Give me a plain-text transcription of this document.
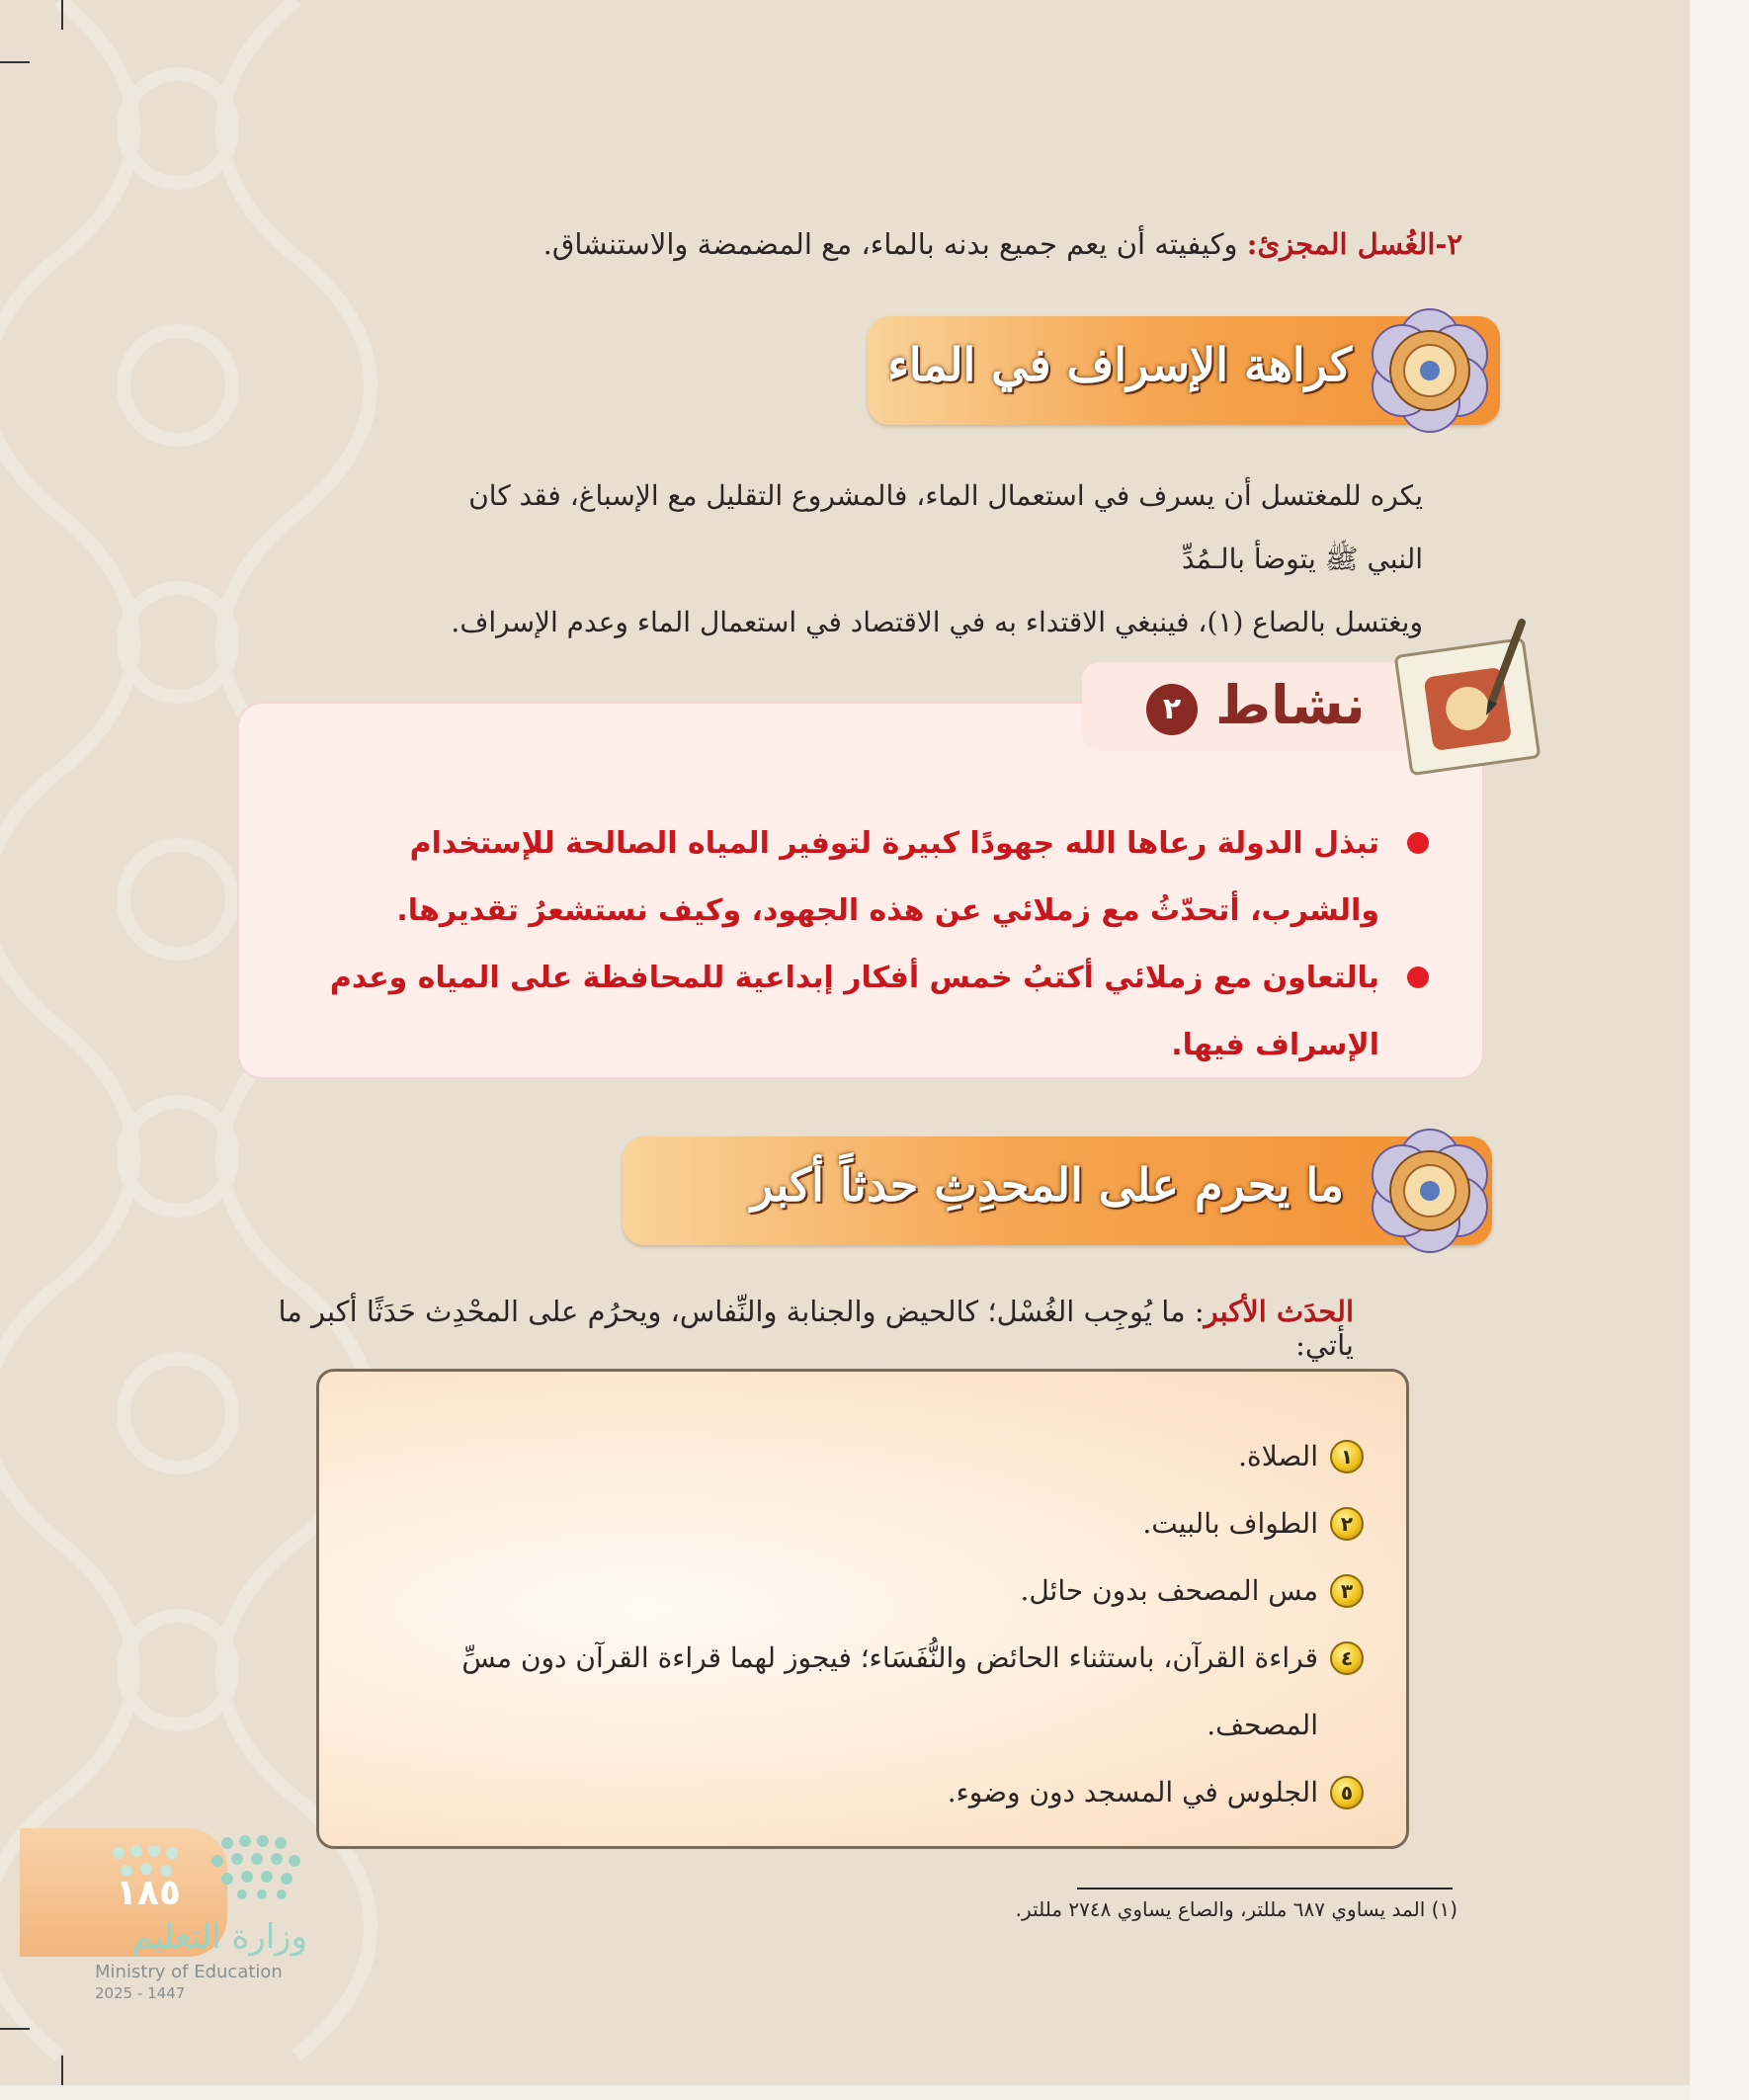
٢-الغُسل المجزئ: وكيفيته أن يعم جميع بدنه بالماء، مع المضمضة والاستنشاق.
كراهة الإسراف في الماء

يكره للمغتسل أن يسرف في استعمال الماء، فالمشروع التقليل مع الإسباغ، فقد كان النبي ﷺ يتوضأ بالـمُدِّ

ويغتسل بالصاع (١)، فينبغي الاقتداء به في الاقتصاد في استعمال الماء وعدم الإسراف.

نشاط
٢
تبذل الدولة رعاها الله جهودًا كبيرة لتوفير المياه الصالحة للإستخدام والشرب، أتحدّثُ مع زملائي عن هذه الجهود، وكيف نستشعرُ تقديرها.
بالتعاون مع زملائي أكتبُ خمس أفكار إبداعية للمحافظة على المياه وعدم الإسراف فيها.
ما يحرم على المحدِثِ حدثاً أكبر
الحدَث الأكبر: ما يُوجِب الغُسْل؛ كالحيض والجنابة والنِّفاس، ويحرُم على المحْدِث حَدَثًا أكبر ما يأتي:
١
الصلاة.
٢
الطواف بالبيت.
٣
مس المصحف بدون حائل.
٤
قراءة القرآن، باستثناء الحائض والنُّفَسَاء؛ فيجوز لهما قراءة القرآن دون مسِّ المصحف.
٥
الجلوس في المسجد دون وضوء.
(١) المد يساوي ٦٨٧ مللتر، والصاع يساوي ٢٧٤٨ مللتر.
١٨٥
وزارة التعليم
Ministry of Education
2025 - 1447
